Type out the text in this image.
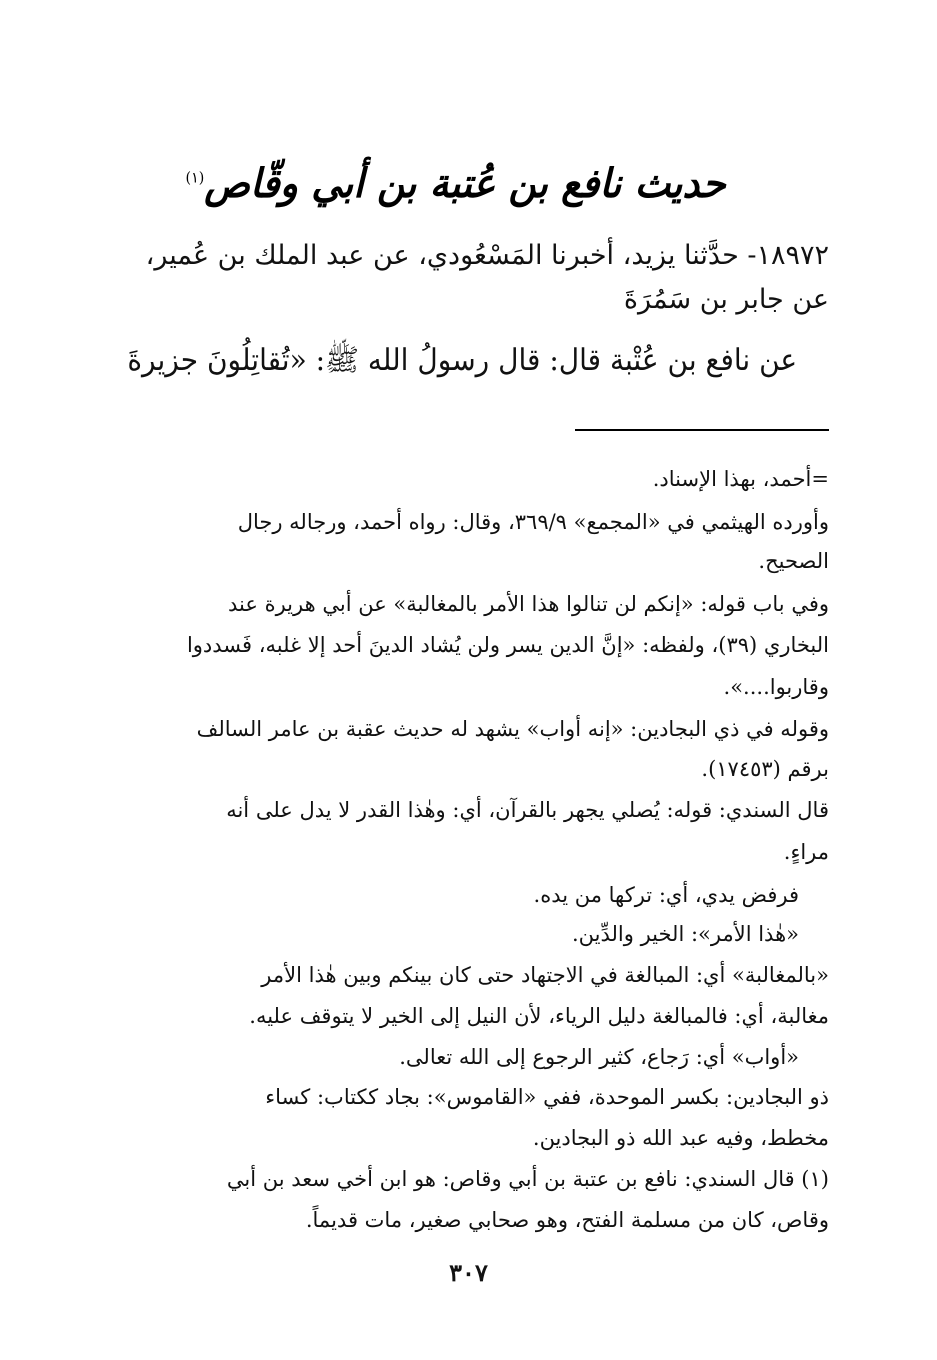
حديث نافع بن عُتبة بن أبي وقّاص$^{(١)}$
١٨٩٧٢- حدَّثنا يزيد، أخبرنا المَسْعُودي، عن عبد الملك بن عُمير،
عن جابر بن سَمُرَةَ
عن نافع بن عُتْبة قال: قال رسولُ الله ﷺ: «تُقاتِلُونَ جزيرةَ
=أحمد، بهذا الإسناد.
وأورده الهيثمي في «المجمع» ٣٦٩/٩، وقال: رواه أحمد، ورجاله رجال
الصحيح.
وفي باب قوله: «إنكم لن تنالوا هذا الأمر بالمغالبة» عن أبي هريرة عند
البخاري (٣٩)، ولفظه: «إنَّ الدين يسر ولن يُشاد الدينَ أحد إلا غلبه، فَسددوا
وقاربوا....».
وقوله في ذي البجادين: «إنه أواب» يشهد له حديث عقبة بن عامر السالف
برقم (١٧٤٥٣).
قال السندي: قوله: يُصلي يجهر بالقرآن، أي: وهٰذا القدر لا يدل على أنه
مراءٍ.
فرفض يدي، أي: تركها من يده.
«هٰذا الأمر»: الخير والدِّين.
«بالمغالبة» أي: المبالغة في الاجتهاد حتى كان بينكم وبين هٰذا الأمر
مغالبة، أي: فالمبالغة دليل الرياء، لأن النيل إلى الخير لا يتوقف عليه.
«أواب» أي: رَجاع، كثير الرجوع إلى الله تعالى.
ذو البجادين: بكسر الموحدة، ففي «القاموس»: بجاد ككتاب: كساء
مخطط، وفيه عبد الله ذو البجادين.
(١) قال السندي: نافع بن عتبة بن أبي وقاص: هو ابن أخي سعد بن أبي
وقاص، كان من مسلمة الفتح، وهو صحابي صغير، مات قديماً.
٣٠٧
